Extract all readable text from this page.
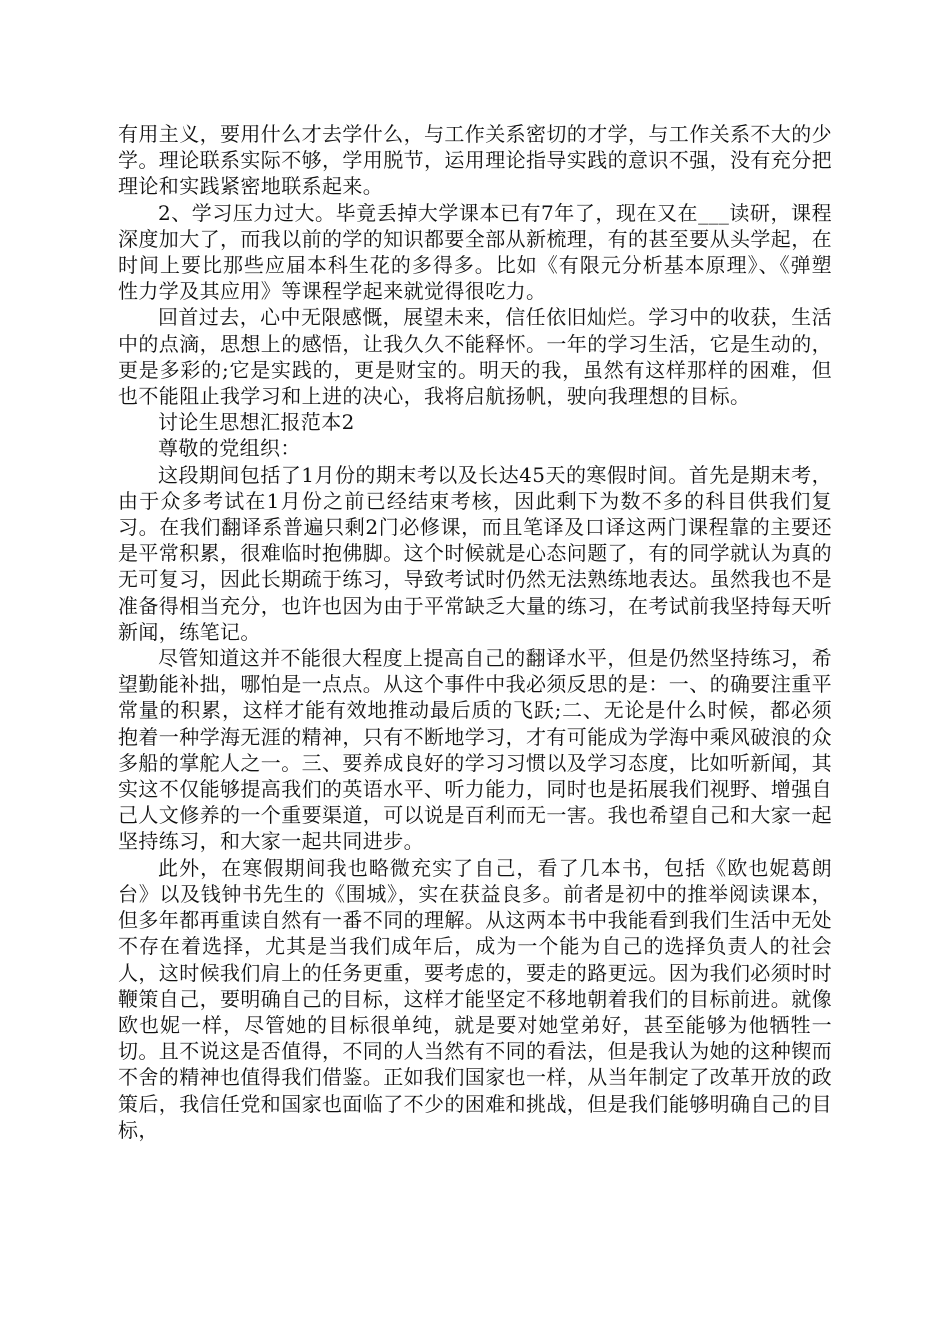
有用主义，要用什么才去学什么，与工作关系密切的才学，与工作关系不大的少学。理论联系实际不够，学用脱节，运用理论指导实践的意识不强，没有充分把理论和实践紧密地联系起来。

2、学习压力过大。毕竟丢掉大学课本已有7年了，现在又在___读研，课程深度加大了，而我以前的学的知识都要全部从新梳理，有的甚至要从头学起，在时间上要比那些应届本科生花的多得多。比如《有限元分析基本原理》、《弹塑性力学及其应用》等课程学起来就觉得很吃力。

回首过去，心中无限感慨，展望未来，信任依旧灿烂。学习中的收获，生活中的点滴，思想上的感悟，让我久久不能释怀。一年的学习生活，它是生动的，更是多彩的;它是实践的，更是财宝的。明天的我，虽然有这样那样的困难，但也不能阻止我学习和上进的决心，我将启航扬帆，驶向我理想的目标。

讨论生思想汇报范本2

尊敬的党组织：

这段期间包括了1月份的期末考以及长达45天的寒假时间。首先是期末考，由于众多考试在1月份之前已经结束考核，因此剩下为数不多的科目供我们复习。在我们翻译系普遍只剩2门必修课，而且笔译及口译这两门课程靠的主要还是平常积累，很难临时抱佛脚。这个时候就是心态问题了，有的同学就认为真的无可复习，因此长期疏于练习，导致考试时仍然无法熟练地表达。虽然我也不是准备得相当充分，也许也因为由于平常缺乏大量的练习，在考试前我坚持每天听新闻，练笔记。

尽管知道这并不能很大程度上提高自己的翻译水平，但是仍然坚持练习，希望勤能补拙，哪怕是一点点。从这个事件中我必须反思的是：一、的确要注重平常量的积累，这样才能有效地推动最后质的飞跃;二、无论是什么时候，都必须抱着一种学海无涯的精神，只有不断地学习，才有可能成为学海中乘风破浪的众多船的掌舵人之一。三、要养成良好的学习习惯以及学习态度，比如听新闻，其实这不仅能够提高我们的英语水平、听力能力，同时也是拓展我们视野、增强自己人文修养的一个重要渠道，可以说是百利而无一害。我也希望自己和大家一起坚持练习，和大家一起共同进步。

此外，在寒假期间我也略微充实了自己，看了几本书，包括《欧也妮葛朗台》以及钱钟书先生的《围城》，实在获益良多。前者是初中的推举阅读课本，但多年都再重读自然有一番不同的理解。从这两本书中我能看到我们生活中无处不存在着选择，尤其是当我们成年后，成为一个能为自己的选择负责人的社会人，这时候我们肩上的任务更重，要考虑的，要走的路更远。因为我们必须时时鞭策自己，要明确自己的目标，这样才能坚定不移地朝着我们的目标前进。就像欧也妮一样，尽管她的目标很单纯，就是要对她堂弟好，甚至能够为他牺牲一切。且不说这是否值得，不同的人当然有不同的看法，但是我认为她的这种锲而不舍的精神也值得我们借鉴。正如我们国家也一样，从当年制定了改革开放的政策后，我信任党和国家也面临了不少的困难和挑战，但是我们能够明确自己的目标，
